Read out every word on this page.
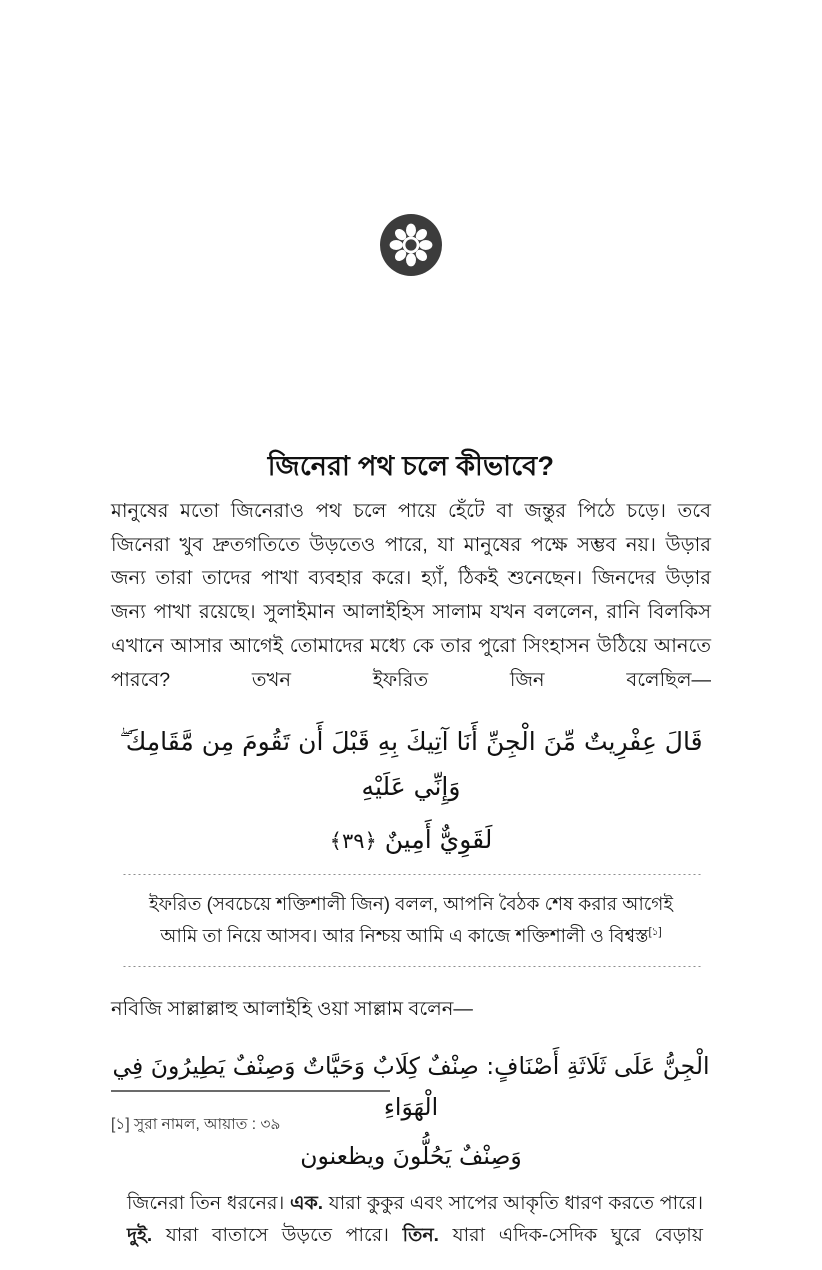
জিনেরা পথ চলে কীভাবে?

মানুষের মতো জিনেরাও পথ চলে পায়ে হেঁটে বা জন্তুর পিঠে চড়ে। তবে জিনেরা খুব দ্রুতগতিতে উড়তেও পারে, যা মানুষের পক্ষে সম্ভব নয়। উড়ার জন্য তারা তাদের পাখা ব্যবহার করে। হ্যাঁ, ঠিকই শুনেছেন। জিনদের উড়ার জন্য পাখা রয়েছে। সুলাইমান আলাইহিস সালাম যখন বললেন, রানি বিলকিস এখানে আসার আগেই তোমাদের মধ্যে কে তার পুরো সিংহাসন উঠিয়ে আনতে পারবে? তখন ইফরিত জিন বলেছিল—

قَالَ عِفْرِيتٌ مِّنَ الْجِنِّ أَنَا آتِيكَ بِهِ قَبْلَ أَن تَقُومَ مِن مَّقَامِكَ ۖ وَإِنِّي عَلَيْهِ

لَقَوِيٌّ أَمِينٌ ﴿٣٩﴾

ইফরিত (সবচেয়ে শক্তিশালী জিন) বলল, আপনি বৈঠক শেষ করার আগেই

আমি তা নিয়ে আসব। আর নিশ্চয় আমি এ কাজে শক্তিশালী ও বিশ্বস্ত[১]

নবিজি সাল্লাল্লাহু আলাইহি ওয়া সাল্লাম বলেন—

الْجِنُّ عَلَى ثَلَاثَةِ أَصْنَافٍ: صِنْفٌ كِلَابٌ وَحَيَّاتٌ وَصِنْفٌ يَطِيرُونَ فِي الْهَوَاءِ

وَصِنْفٌ يَحُلُّونَ ويظعنون

জিনেরা তিন ধরনের। এক. যারা কুকুর এবং সাপের আকৃতি ধারণ করতে পারে। দুই. যারা বাতাসে উড়তে পারে। তিন. যারা এদিক-সেদিক ঘুরে বেড়ায়

[১] সুরা নামল, আয়াত : ৩৯
